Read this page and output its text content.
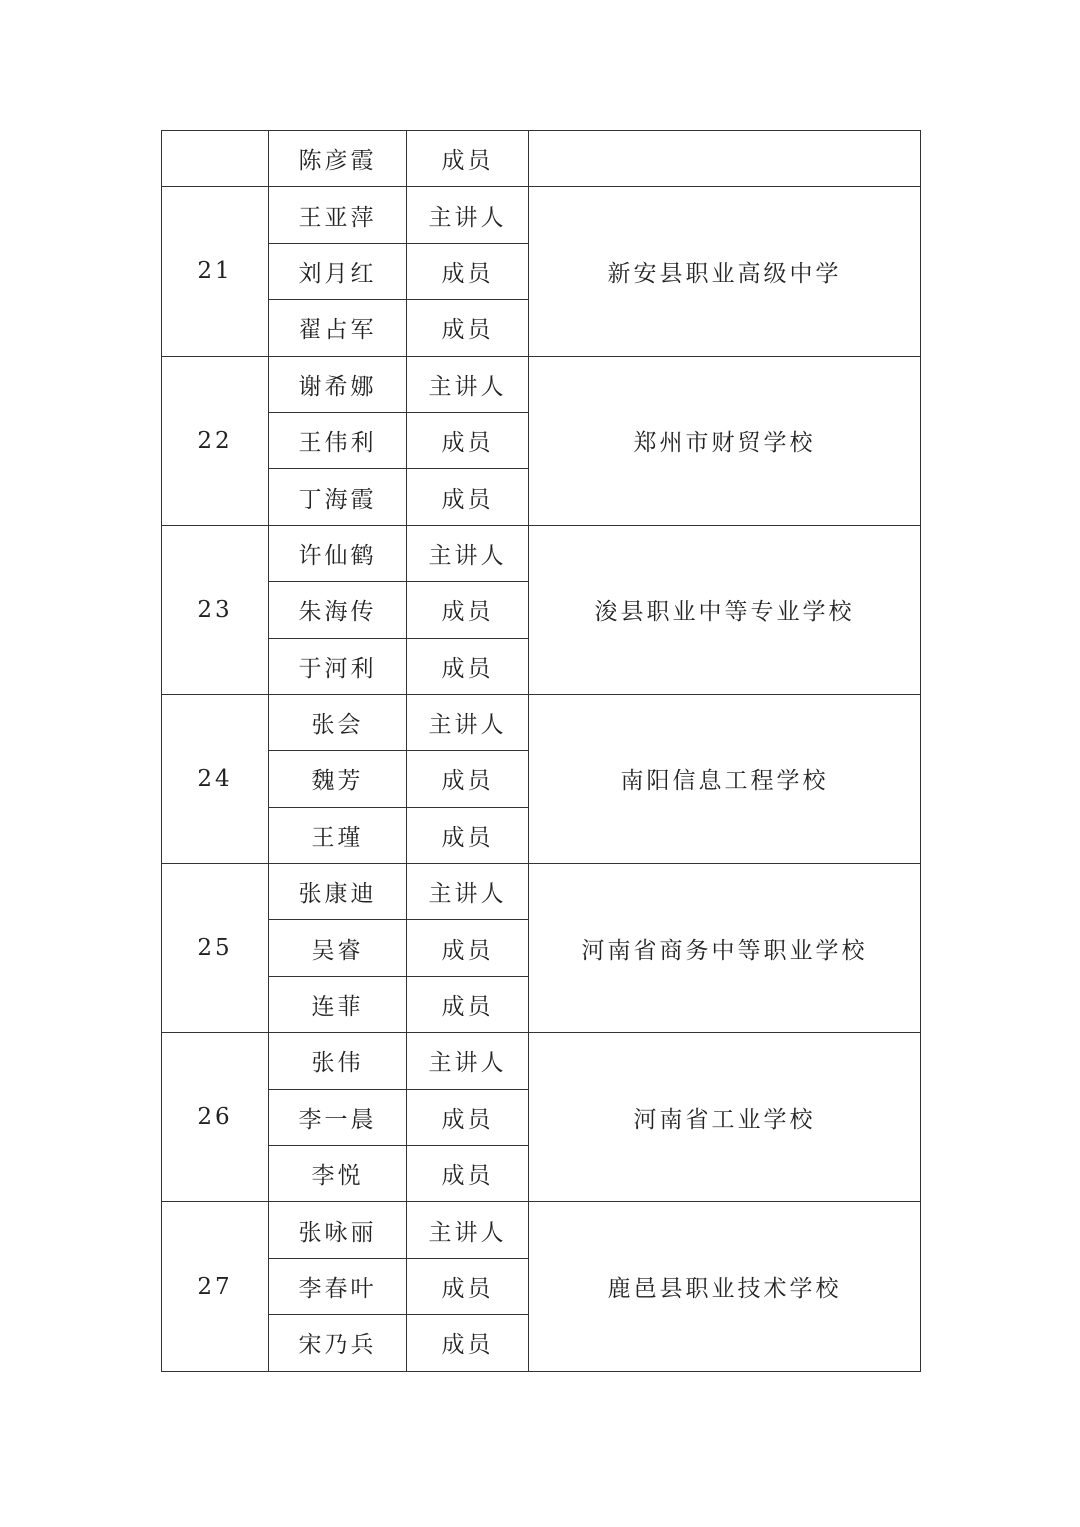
	陈彦霞	成员	
21	王亚萍	主讲人	新安县职业高级中学
	刘月红	成员	
	翟占军	成员	
22	谢希娜	主讲人	郑州市财贸学校
	王伟利	成员	
	丁海霞	成员	
23	许仙鹤	主讲人	浚县职业中等专业学校
	朱海传	成员	
	于河利	成员	
24	张会	主讲人	南阳信息工程学校
	魏芳	成员	
	王瑾	成员	
25	张康迪	主讲人	河南省商务中等职业学校
	吴睿	成员	
	连菲	成员	
26	张伟	主讲人	河南省工业学校
	李一晨	成员	
	李悦	成员	
27	张咏丽	主讲人	鹿邑县职业技术学校
	李春叶	成员	
	宋乃兵	成员	
